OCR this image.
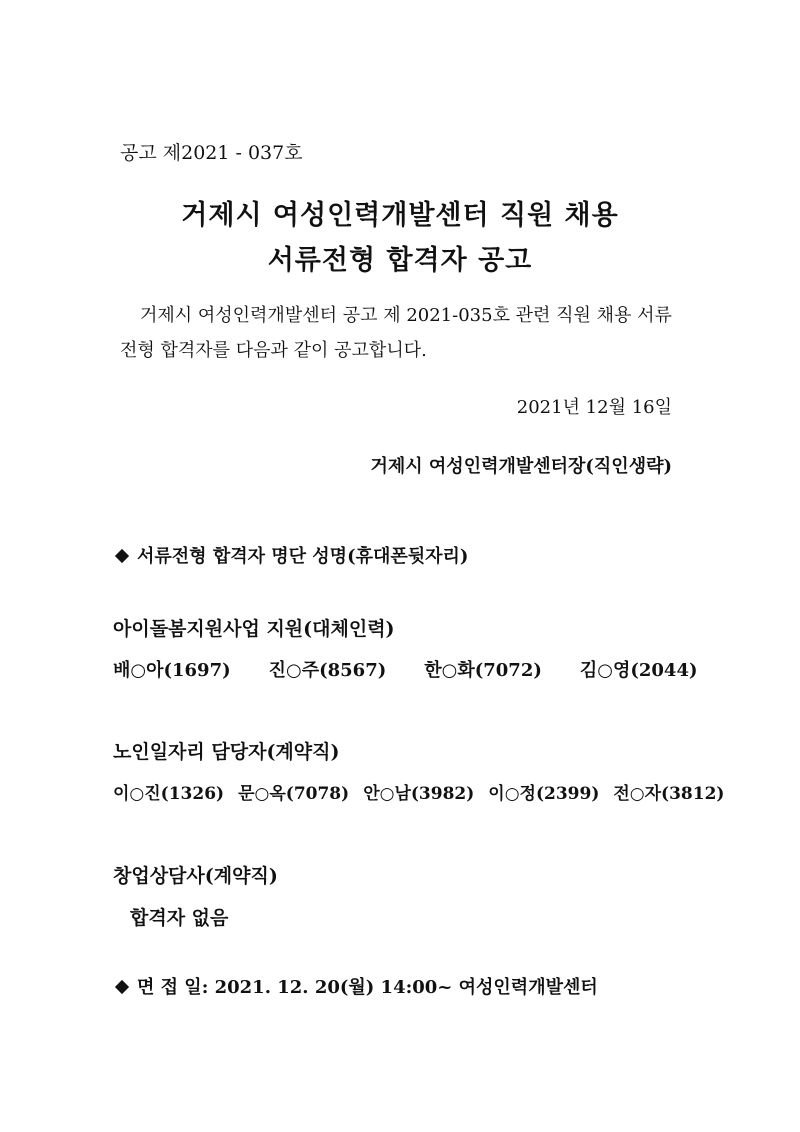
공고 제2021 - 037호
거제시 여성인력개발센터 직원 채용
서류전형 합격자 공고
거제시 여성인력개발센터 공고 제 2021-035호 관련 직원 채용 서류
전형 합격자를 다음과 같이 공고합니다.
2021년 12월 16일
거제시 여성인력개발센터장(직인생략)
서류전형 합격자 명단 성명(휴대폰뒷자리)
아이돌봄지원사업 지원(대체인력)
배○아(1697) 진○주(8567) 한○화(7072) 김○영(2044)
노인일자리 담당자(계약직)
이○진(1326) 문○옥(7078) 안○남(3982) 이○정(2399) 전○자(3812)
창업상담사(계약직)
합격자 없음
면 접 일: 2021. 12. 20(월) 14:00~ 여성인력개발센터
